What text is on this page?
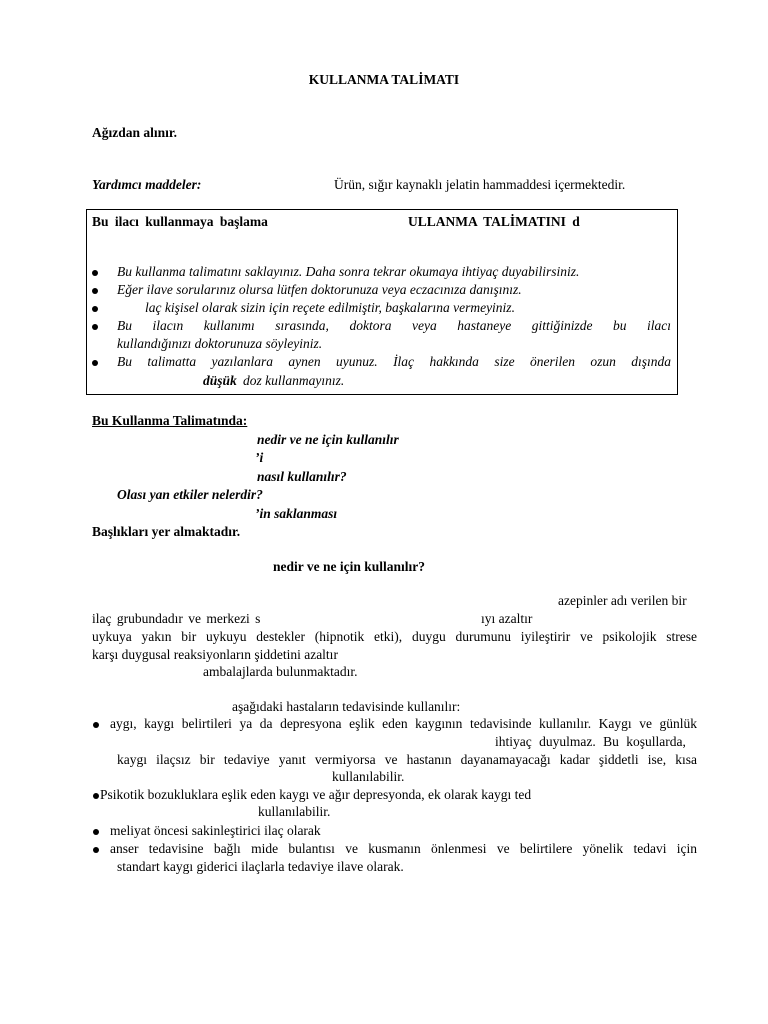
KULLANMA TALİMATI
Ağızdan alınır.
Yardımcı maddeler:	Ürün, sığır kaynaklı jelatin hammaddesi içermektedir.
Bu ilacı kullanmaya başlama	ULLANMA TALİMATINI d
Bu kullanma talimatını saklayınız. Daha sonra tekrar okumaya ihtiyaç duyabilirsiniz.
Eğer ilave sorularınız olursa lütfen doktorunuza veya eczacınıza danışınız.
laç kişisel olarak sizin için reçete edilmiştir, başkalarına vermeyiniz.
Bu ilacın kullanımı sırasında, doktora veya hastaneye gittiğinizde bu ilacı
kullandığınızı doktorunuza söyleyiniz.
Bu talimatta yazılanlara aynen uyunuz. İlaç hakkında size önerilen ozun dışında
düşük doz kullanmayınız.
Bu Kullanma Talimatında:
nedir ve ne için kullanılır
’i
nasıl kullanılır?
Olası yan etkiler nelerdir?
’in saklanması
Başlıkları yer almaktadır.
nedir ve ne için kullanılır?
azepinler adı verilen bir
ilaç grubundadır ve merkezi s	ıyı azaltır
uykuya yakın bir uykuyu destekler (hipnotik etki), duygu durumunu iyileştirir ve psikolojik strese
karşı duygusal reaksiyonların şiddetini azaltır
ambalajlarda bulunmaktadır.
aşağıdaki hastaların tedavisinde kullanılır:
aygı, kaygı belirtileri ya da depresyona eşlik eden kaygının tedavisinde kullanılır. Kaygı ve günlük
ihtiyaç duyulmaz. Bu koşullarda,
kaygı ilaçsız bir tedaviye yanıt vermiyorsa ve hastanın dayanamayacağı kadar şiddetli ise, kısa
kullanılabilir.
Psikotik bozukluklara eşlik eden kaygı ve ağır depresyonda, ek olarak kaygı ted
kullanılabilir.
meliyat öncesi sakinleştirici ilaç olarak
anser tedavisine bağlı mide bulantısı ve kusmanın önlenmesi ve belirtilere yönelik tedavi için
standart kaygı giderici ilaçlarla tedaviye ilave olarak.
